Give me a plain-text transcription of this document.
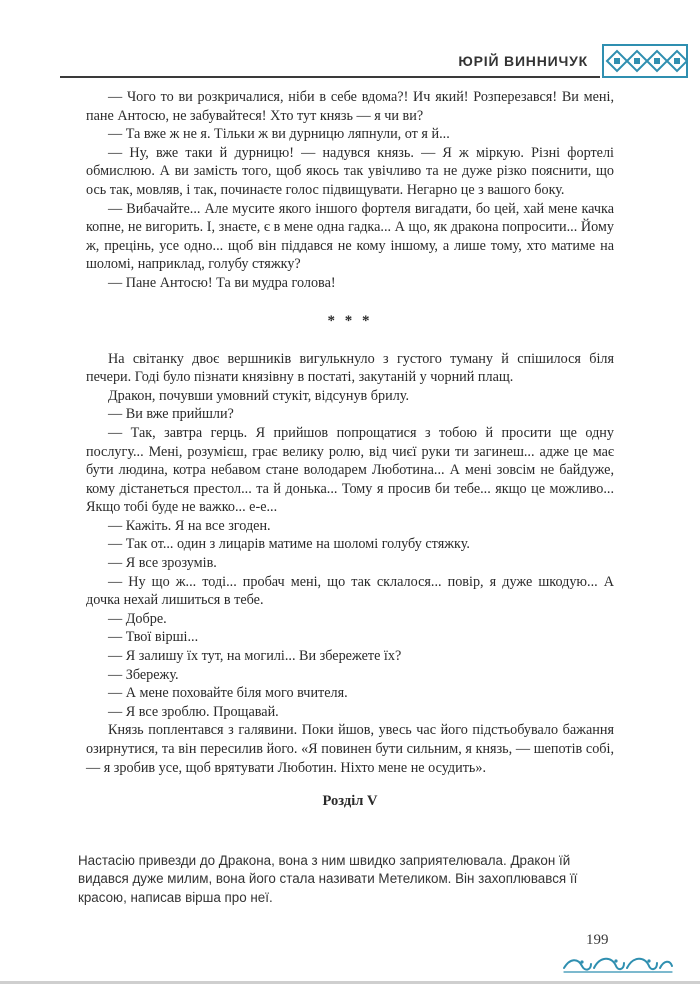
ЮРІЙ ВИННИЧУК

— Чого то ви розкричалися, ніби в себе вдома?! Ич який! Розперезався! Ви мені, пане Антосю, не забувайтеся! Хто тут князь — я чи ви?

— Та вже ж не я. Тільки ж ви дурницю ляпнули, от я й...

— Ну, вже таки й дурницю! — надувся князь. — Я ж міркую. Різні фортелі обмислюю. А ви замість того, щоб якось так увічливо та не дуже різко пояснити, що ось так, мовляв, і так, починаєте голос підвищувати. Негарно це з вашого боку.

— Вибачайте... Але мусите якого іншого фортеля вигадати, бо цей, хай мене качка копне, не вигорить. І, знаєте, є в мене одна гадка... А що, як дракона попросити... Йому ж, прецінь, усе одно... щоб він піддався не кому іншому, а лише тому, хто матиме на шоломі, наприклад, голубу стяжку?

— Пане Антосю! Та ви мудра голова!

* * *

На світанку двоє вершників вигулькнуло з густого туману й спішилося біля печери. Годі було пізнати князівну в постаті, закутаній у чорний плащ.

Дракон, почувши умовний стукіт, відсунув брилу.

— Ви вже прийшли?

— Так, завтра герць. Я прийшов попрощатися з тобою й просити ще одну послугу... Мені, розумієш, грає велику ролю, від чиєї руки ти загинеш... адже це має бути людина, котра небавом стане володарем Люботина... А мені зовсім не байдуже, кому дістанеться престол... та й донька... Тому я просив би тебе... якщо це можливо... Якщо тобі буде не важко... е-е...

— Кажіть. Я на все згоден.

— Так от... один з лицарів матиме на шоломі голубу стяжку.

— Я все зрозумів.

— Ну що ж... тоді... пробач мені, що так склалося... повір, я дуже шкодую... А дочка нехай лишиться в тебе.

— Добре.

— Твої вірші...

— Я залишу їх тут, на могилі... Ви збережете їх?

— Збережу.

— А мене поховайте біля мого вчителя.

— Я все зроблю. Прощавай.

Князь поплентався з галявини. Поки йшов, увесь час його підстьобувало бажання озирнутися, та він пересилив його. «Я повинен бути сильним, я князь, — шепотів собі, — я зробив усе, щоб врятувати Люботин. Ніхто мене не осудить».

Розділ V

Настасію привезди до Дракона, вона з ним швидко заприятелювала. Дракон їй видався дуже милим, вона його стала називати Метеликом. Він захоплювався її красою, написав вірша про неї.

199
